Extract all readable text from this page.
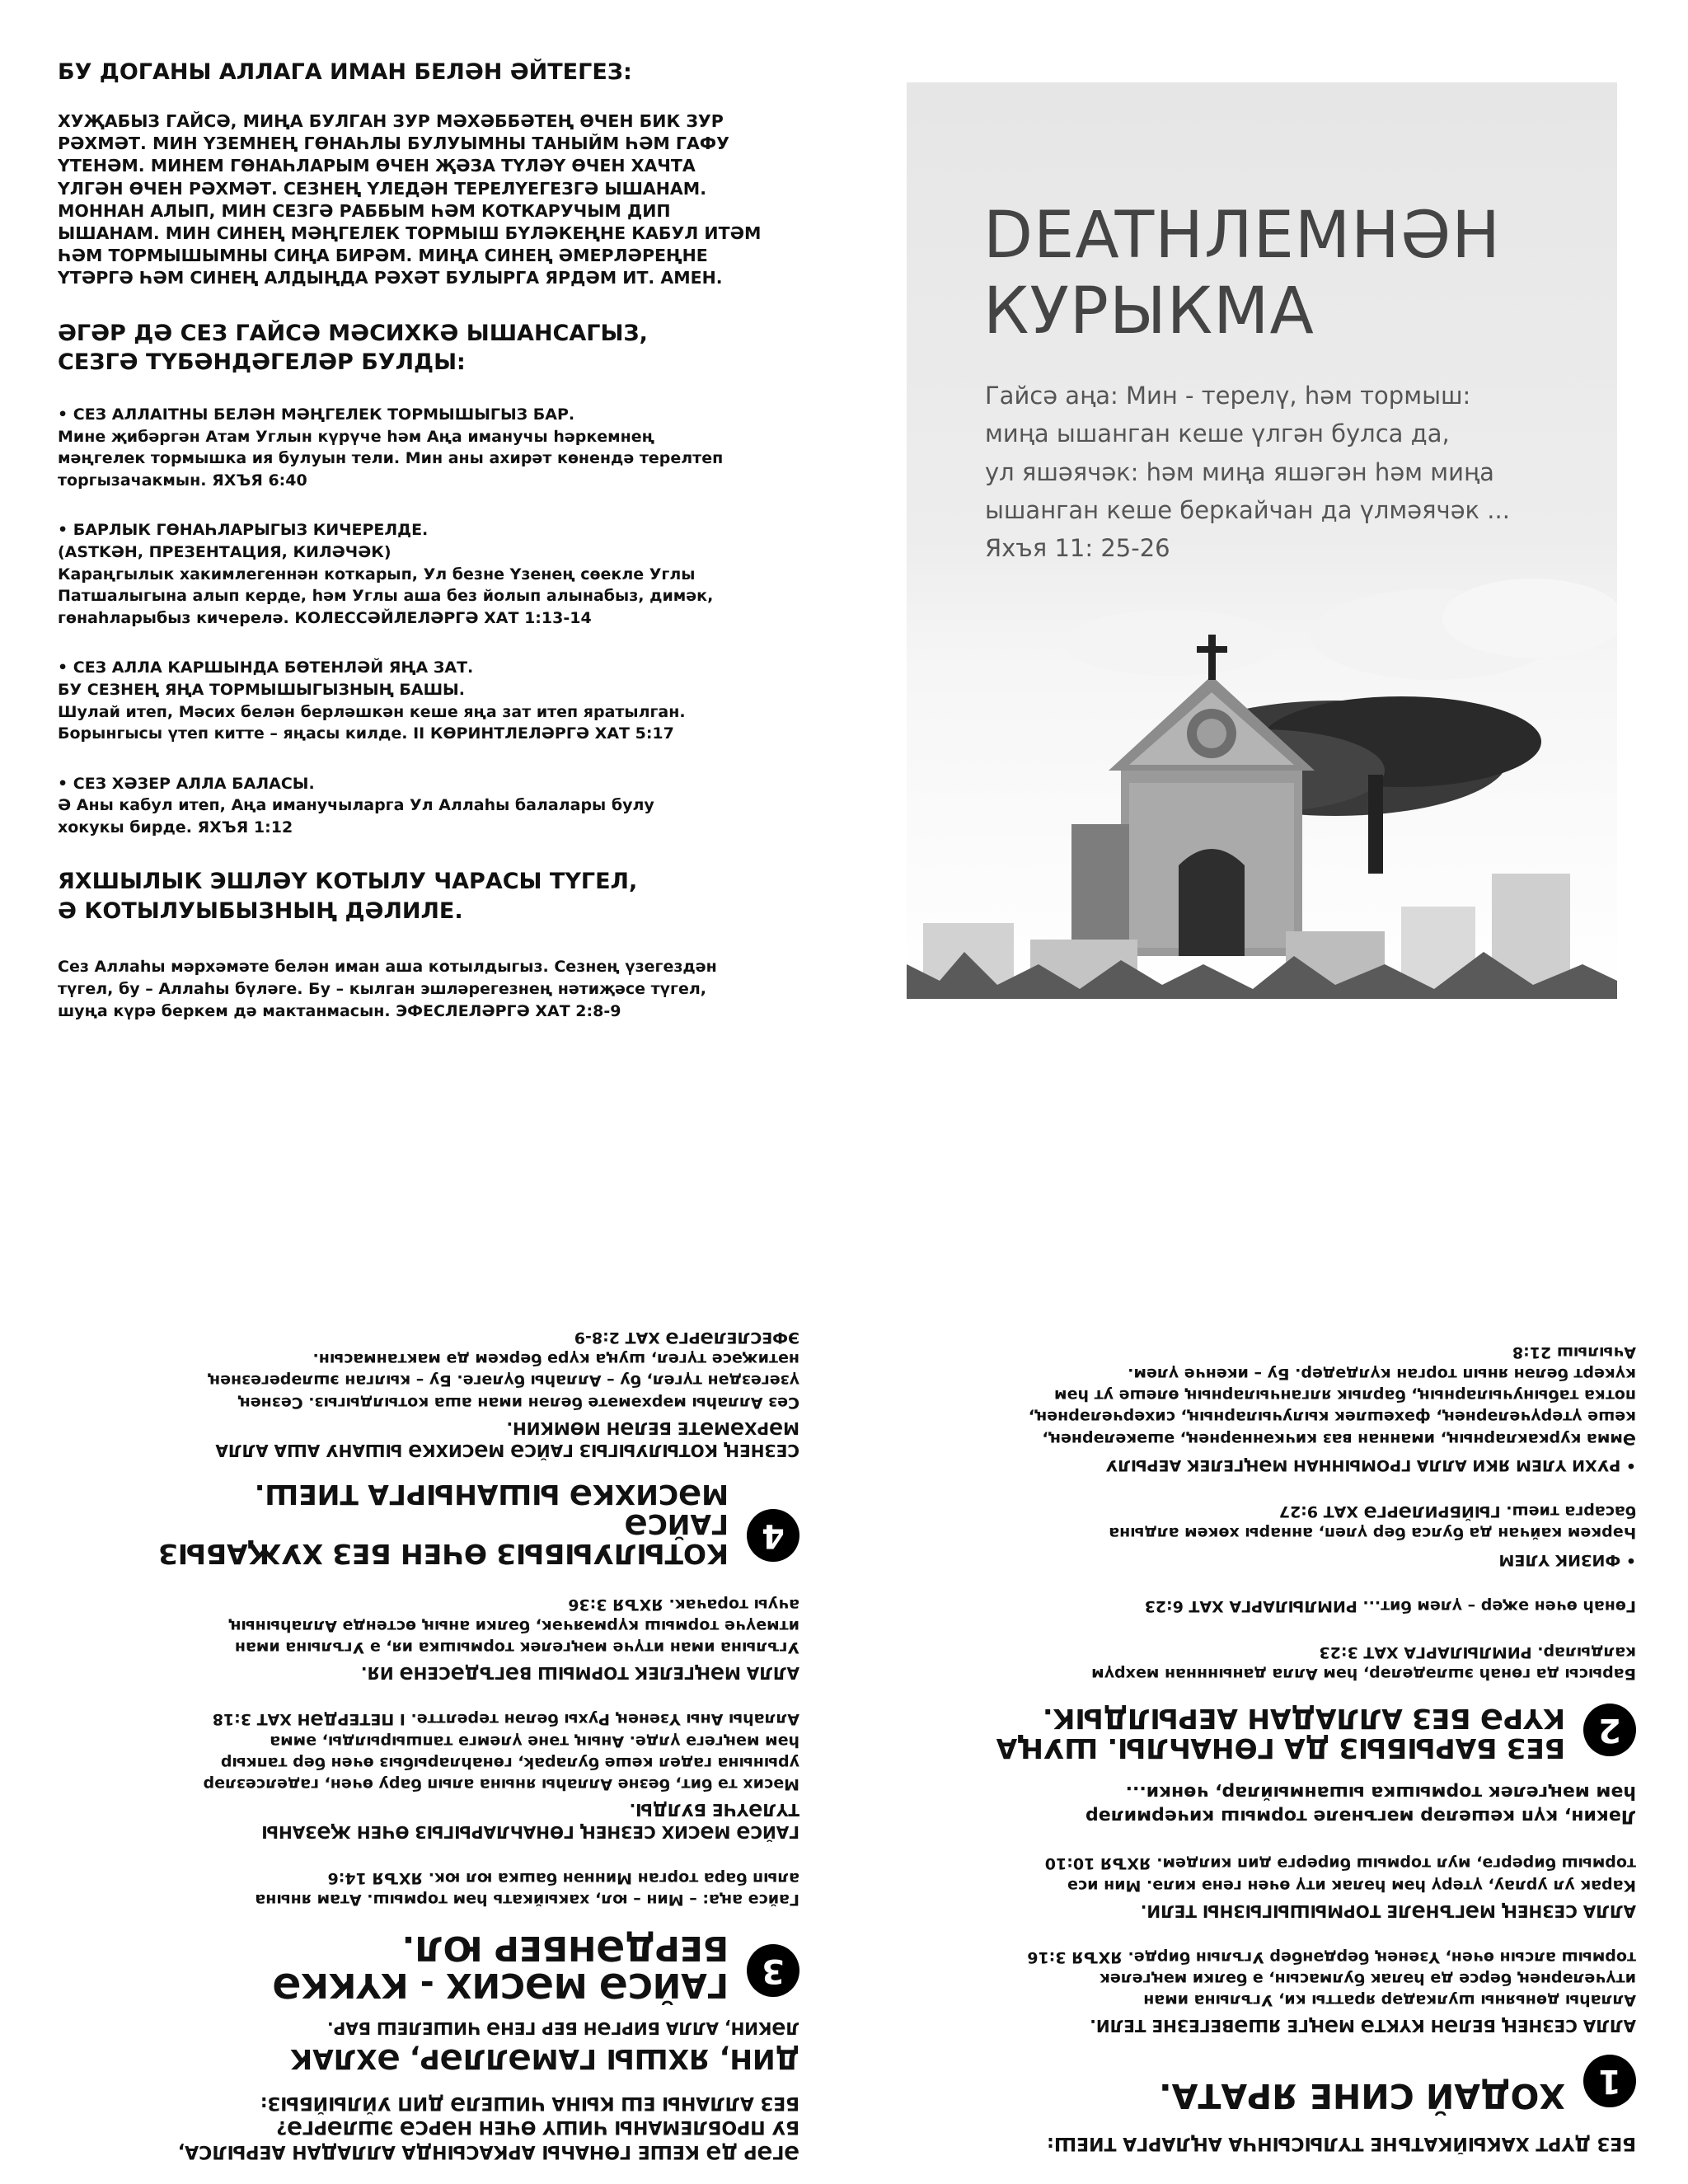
БУ ДОГАНЫ АЛЛАГА ИМАН БЕЛӘН ӘЙТЕГЕЗ:
ХУҖАБЫЗ ГАЙСӘ, МИҢА БУЛГАН ЗУР МӘХӘББӘТЕҢ ӨЧЕН БИК ЗУР
РӘХМӘТ. МИН ҮЗЕМНЕҢ ГӨНАҺЛЫ БУЛУЫМНЫ ТАНЫЙМ ҺӘМ ГАФУ
ҮТЕНӘМ. МИНЕМ ГӨНАҺЛАРЫМ ӨЧЕН ҖӘЗА ТҮЛӘҮ ӨЧЕН ХАЧТА
ҮЛГӘН ӨЧЕН РӘХМӘТ. СЕЗНЕҢ ҮЛЕДӘН ТЕРЕЛҮЕГЕЗГӘ ЫШАНАМ.
МОННАН АЛЫП, МИН СЕЗГӘ РАББЫМ ҺӘМ КОТКАРУЧЫМ ДИП
ЫШАНАМ. МИН СИНЕҢ МӘҢГЕЛЕК ТОРМЫШ БҮЛӘКЕҢНЕ КАБУЛ ИТӘМ
ҺӘМ ТОРМЫШЫМНЫ СИҢА БИРӘМ. МИҢА СИНЕҢ ӘМЕРЛӘРЕҢНЕ
ҮТӘРГӘ ҺӘМ СИНЕҢ АЛДЫҢДА РӘХӘТ БУЛЫРГА ЯРДӘМ ИТ. АМЕН.
ӘГӘР ДӘ СЕЗ ГАЙСӘ МӘСИХКӘ ЫШАНСАГЫЗ,
СЕЗГӘ ТҮБӘНДӘГЕЛӘР БУЛДЫ:
• СЕЗ АЛЛАITНЫ БЕЛӘН МӘҢГЕЛЕК ТОРМЫШЫГЫЗ БАР.
Мине җибәргән Атам Углын күрүче һәм Аңа иманучы һәркемнең
мәңгелек тормышка ия булуын тели. Мин аны ахирәт көнендә терелтеп
торгызачакмын. ЯХЪЯ 6:40
• БАРЛЫК ГӨНАҺЛАРЫГЫЗ КИЧЕРЕЛДЕ.
(ASTKӘН, ПРЕЗЕНТАЦИЯ, КИЛӘЧӘК)
Караңгылык хакимлегеннән коткарып, Ул безне Үзенең сөекле Углы
Патшалыгына алып керде, һәм Углы аша без йолып алынабыз, димәк,
гөнаһларыбыз кичерелә. КОЛЕССӘЙЛЕЛӘРГӘ ХАТ 1:13-14
• СЕЗ АЛЛА КАРШЫНДА БӨТЕНЛӘЙ ЯҢА ЗАТ.
БУ СЕЗНЕҢ ЯҢА ТОРМЫШЫГЫЗНЫҢ БАШЫ.
Шулай итеп, Мәсих белән берләшкән кеше яңа зат итеп яратылган.
Борынгысы үтеп китте – яңасы килде. II КӨРИНТЛЕЛӘРГӘ ХАТ 5:17
• СЕЗ ХӘЗЕР АЛЛА БАЛАСЫ.
Ә Аны кабул итеп, Аңа иманучыларга Ул Аллаһы балалары булу
хокукы бирде. ЯХЪЯ 1:12
ЯХШЫЛЫК ЭШЛӘҮ КОТЫЛУ ЧАРАСЫ ТҮГЕЛ,
Ә КОТЫЛУЫБЫЗНЫҢ ДӘЛИЛЕ.
Сез Аллаһы мәрхәмәте белән иман аша котылдыгыз. Сезнең үзегездән
түгел, бу – Аллаһы бүләге. Бу – кылган эшләрегезнең нәтиҗәсе түгел,
шуңа күрә беркем дә мактанмасын. ЭФЕСЛЕЛӘРГӘ ХАТ 2:8-9
DEATHЛЕМНӘН
КУРЫКМА
Гайсә аңа: Мин - терелү, һәм тормыш:
миңа ышанган кеше үлгән булса да,
ул яшәячәк: һәм миңа яшәгән һәм миңа
ышанган кеше беркайчан да үлмәячәк ...
Яхъя 11: 25-26
ӘГӘР ДӘ КЕШЕ ГӨНАҺЫ АРКАСЫНДА АЛЛАДАН АЕРЫЛСА,
БУ ПРОБЛЕМАНЫ ЧИШҮ ӨЧЕН НӘРСӘ ЭШЛӘРГӘ?
БЕЗ АЛЛАНЫ ЕШ КЫНА ЧИШЕЛӘ ДИП УЙЛЫЙБЫЗ:
ДИН, ЯХШЫ ГАМӘЛЛӘР, ӘХЛАК
ЛӘКИН, АЛЛА БИРГӘН БЕР ГЕНӘ ЧИШЕЛЕШ БАР.
3
ГАЙСӘ МӘСИХ - КҮККӘ
БЕРДӘНБЕР ЮЛ.
Гайсә аңа: – Мин – юл, хакыйкать һәм тормыш. Атам янына
алып бара торган Миннән башка юл юк. ЯХЪЯ 14:6
ГАЙСӘ МӘСИХ СЕЗНЕҢ ГӨНАҺЛАРЫГЫЗ ӨЧЕН ҖӘЗАНЫ
ТҮЛӘҮЧЕ БУЛДЫ.
Мәсих тә бит, безне Аллаһы янына алып бару өчен, гаделсезләр
урынына гадел кеше булараk, гөнаһларыбыз өчен бер тапкыр
һәм мәңгегә үлде. Аның тәне үлемгә тапшырылды, әмма
Аллаһы Аны Үзенең Рухы белән терелтте. I ПЕТЕРДӘН ХАТ 3:18
АЛЛА МӘҢГЕЛЕК ТОРМЫШ ВӘГЪДӘСЕНӘ ИЯ.
Угълына иман итүче мәңгелек тормышка ия, ә Угълына иман
итмәүче тормыш күрмәячәк, бәлки аның өстендә Аллаһының
ачуы торачак. ЯХЪЯ 3:36
4
КОТЫЛУЫБЫЗ ӨЧЕН БЕЗ ХУҖАБЫЗ ГАЙСӘ
МӘСИХКӘ ЫШАНЫРГА ТИЕШ.
СЕЗНЕҢ КОТЫЛУЫГЫЗ ГАЙСӘ МӘСИХКӘ ЫШАНУ АША АЛЛА
МӘРХӘМӘТЕ БЕЛӘН МӨМКИН.
Сез Аллаһы мәрхәмәте белән иман аша котылдыгыз. Сезнең
үзегездән түгел, бу – Аллаһы бүләге. Бу – кылган эшләрегезнең
нәтиҗәсе түгел, шуңа күрә беркем дә мактанмасын.
ЭФЕСЛЕЛӘРГӘ ХАТ 2:8-9
БЕЗ ДҮРТ ХАКЫЙКАТЬНЕ ТҮЛЫСЫНЧА АҢЛАРГА ТИЕШ:
1
ХОДАЙ СИНЕ ЯРАТА.
АЛЛА СЕЗНЕҢ БЕЛӘН КҮКТӘ МӘҢГЕ ЯШӘВЕГЕЗНЕ ТЕЛИ.
Аллаһы дөньяны шулкадәр яратты ки, Угълына иман
итүчеләрнең берсе дә һәлак булмасын, ә бәлки мәңгелек
тормыш алсын өчен, Үзенең бердәнбер Угълын бирде. ЯХЪЯ 3:16
АЛЛА СЕЗНЕҢ МӘГЪНӘЛЕ ТОРМЫШЫГЫЗНЫ ТЕЛИ.
Карак ул урлау, үтерү һәм һәлак итү өчен генә килә. Мин исә
тормыш бирергә, мул тормыш бирергә дип килдем. ЯХЪЯ 10:10
Ләкин, күп кешеләр мәгънәле тормыш кичермиләр
һәм мәңгелек тормышка ышанмыйлар, чөнки...
2
БЕЗ БАРЫБЫЗ ДА ГӨНАҺЛЫ. ШУҢА
КҮРӘ БЕЗ АЛЛАДАН АЕРЫЛДЫК.
Барысы да гөнаһ эшләделәр, һәм Алла данынннан мәхрүм
калдылар. РИМЛЫЛАРГА ХАТ 3:23
Гөнаһ өчен әҗер – үлем бит... РИМЛЫЛАРГА ХАТ 6:23
• ФИЗИК ҮЛЕМ
Һәркем кайчан да булса бер үлеп, аннары хөкем алдына
басарга тиеш. ГЫЙБРИЛӘРГӘ ХАТ 9:27
• РУХИ ҮЛЕМ ЯКИ АЛЛА ГРОМЫННАН МӘҢГЕЛЕК АЕРЫЛУ
Әмма куркакларның, иманнан ваз кичкәннәрнең, әшәкеләрнең,
кеше үтерүчеләрнең, фәхешлек кылучыларның, сихерчеләрнең,
потка табынучыларның, барлык ялганчыларның өлеше ут һәм
күкерт белән янып торган күлдәдер. Бу – икенче үлем.
Ачылыш 21:8
